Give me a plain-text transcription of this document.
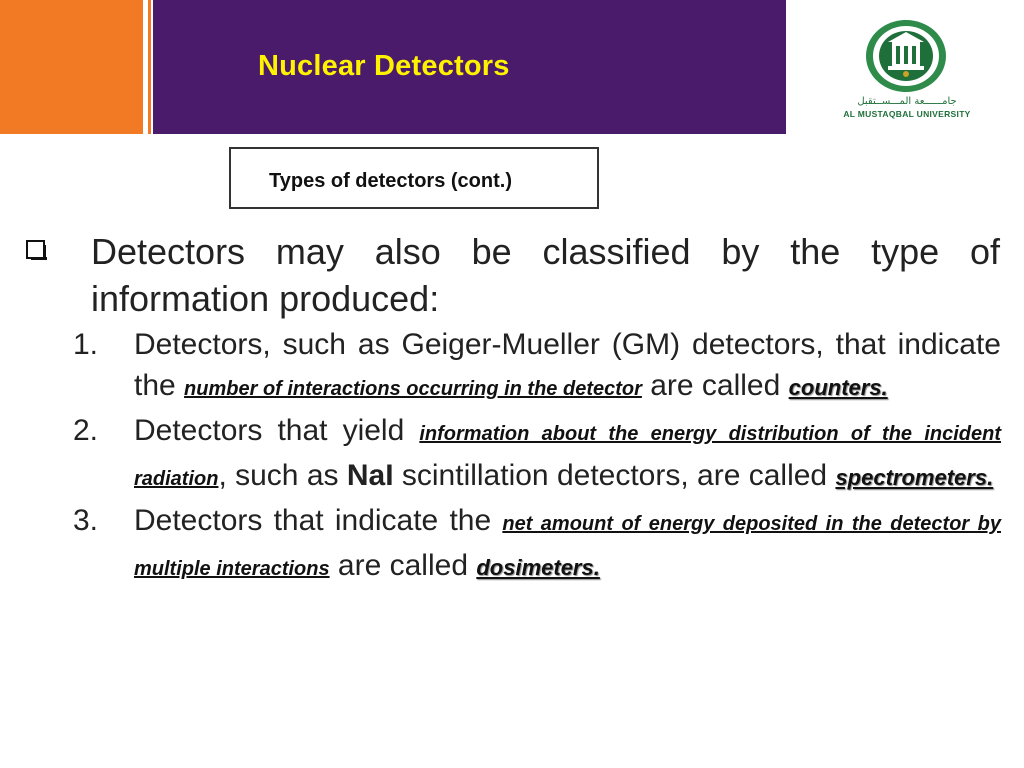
Nuclear Detectors
جامــــــعة المـــســتقبل
AL MUSTAQBAL UNIVERSITY
Types of detectors (cont.)

Detectors may also be classified by the type of information produced:

1. Detectors, such as Geiger-Mueller (GM) detectors, that indicate the number of interactions occurring in the detector are called counters.
2. Detectors that yield information about the energy distribution of the incident radiation, such as NaI scintillation detectors, are called spectrometers.
3. Detectors that indicate the net amount of energy deposited in the detector by multiple interactions are called dosimeters.
